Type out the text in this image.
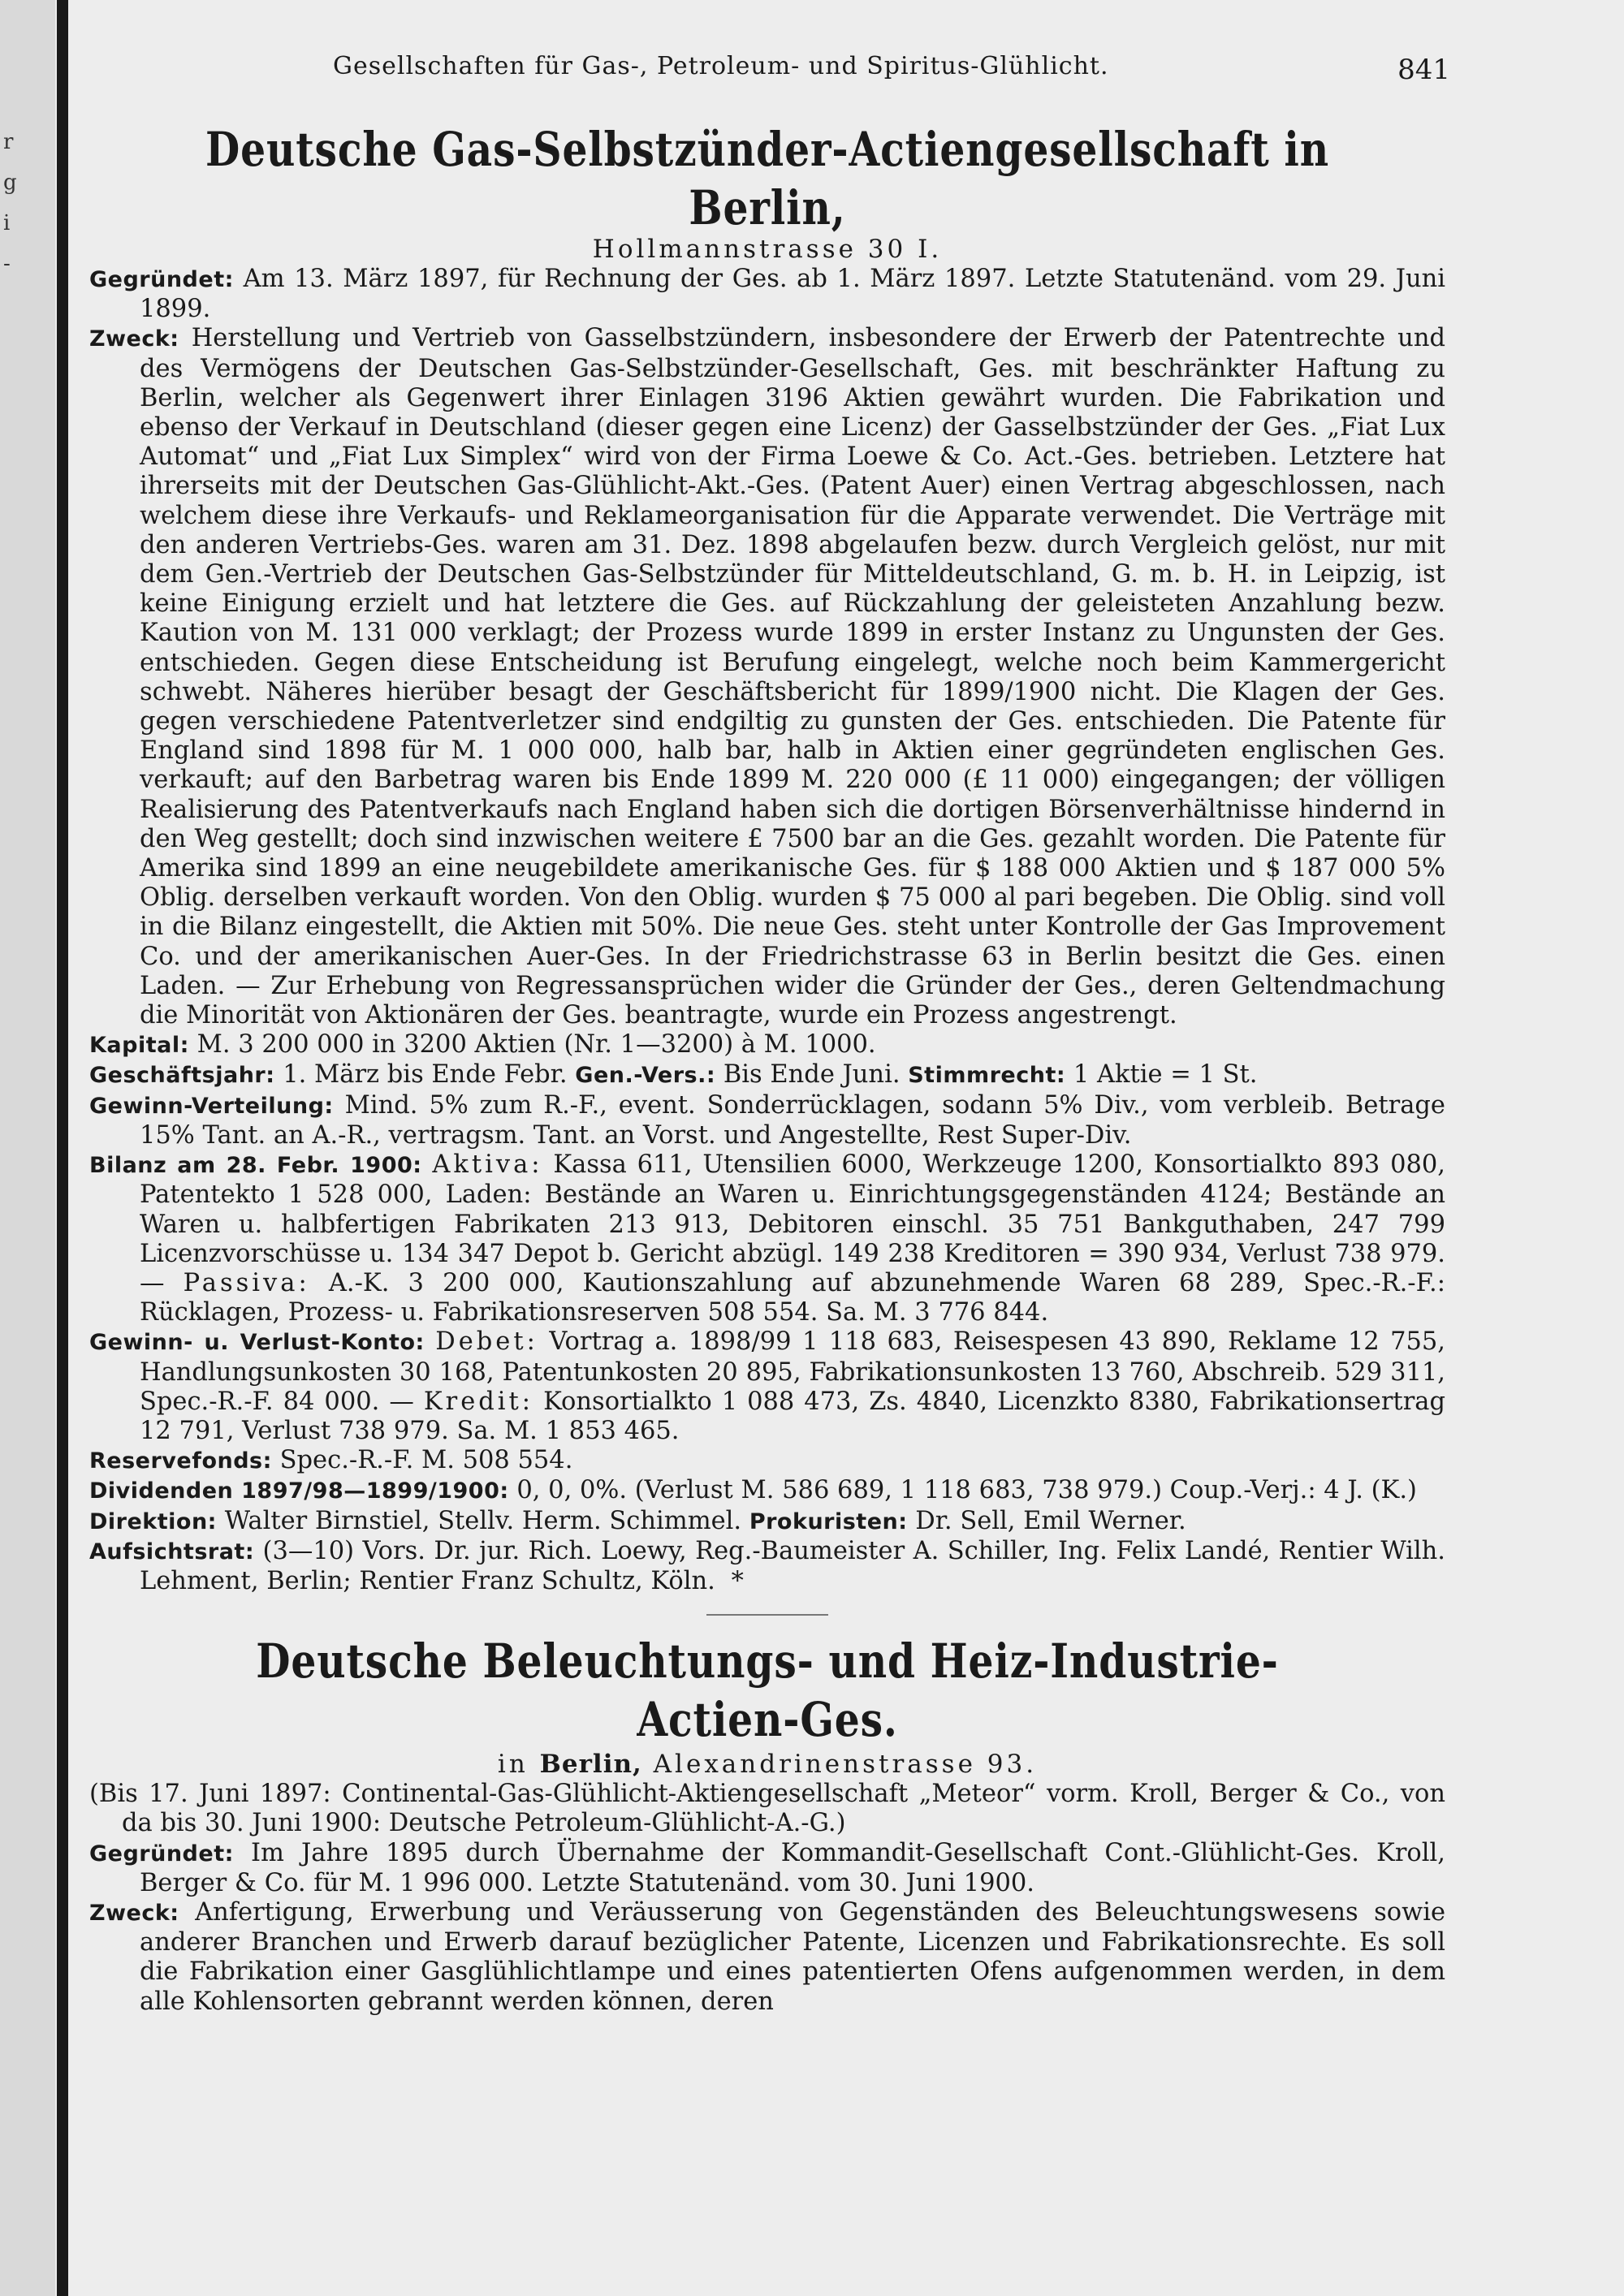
r
g
i
-
Gesellschaften für Gas-, Petroleum- und Spiritus-Glühlicht.	841
Deutsche Gas-Selbstzünder-Actiengesellschaft in Berlin,
Hollmannstrasse 30 I.

Gegründet: Am 13. März 1897, für Rechnung der Ges. ab 1. März 1897. Letzte Statutenänd. vom 29. Juni 1899.

Zweck: Herstellung und Vertrieb von Gasselbstzündern, insbesondere der Erwerb der Patentrechte und des Vermögens der Deutschen Gas-Selbstzünder-Gesellschaft, Ges. mit beschränkter Haftung zu Berlin, welcher als Gegenwert ihrer Einlagen 3196 Aktien gewährt wurden. Die Fabrikation und ebenso der Verkauf in Deutschland (dieser gegen eine Licenz) der Gasselbstzünder der Ges. „Fiat Lux Automat“ und „Fiat Lux Simplex“ wird von der Firma Loewe & Co. Act.-Ges. betrieben. Letztere hat ihrerseits mit der Deutschen Gas-Glühlicht-Akt.-Ges. (Patent Auer) einen Vertrag abgeschlossen, nach welchem diese ihre Verkaufs- und Reklameorganisation für die Apparate verwendet. Die Verträge mit den anderen Vertriebs-Ges. waren am 31. Dez. 1898 abgelaufen bezw. durch Vergleich gelöst, nur mit dem Gen.-Vertrieb der Deutschen Gas-Selbstzünder für Mitteldeutschland, G. m. b. H. in Leipzig, ist keine Einigung erzielt und hat letztere die Ges. auf Rückzahlung der geleisteten Anzahlung bezw. Kaution von M. 131 000 verklagt; der Prozess wurde 1899 in erster Instanz zu Ungunsten der Ges. entschieden. Gegen diese Entscheidung ist Berufung eingelegt, welche noch beim Kammergericht schwebt. Näheres hierüber besagt der Geschäftsbericht für 1899/1900 nicht. Die Klagen der Ges. gegen verschiedene Patentverletzer sind endgiltig zu gunsten der Ges. entschieden. Die Patente für England sind 1898 für M. 1 000 000, halb bar, halb in Aktien einer gegründeten englischen Ges. verkauft; auf den Barbetrag waren bis Ende 1899 M. 220 000 (£ 11 000) eingegangen; der völligen Realisierung des Patentverkaufs nach England haben sich die dortigen Börsenverhältnisse hindernd in den Weg gestellt; doch sind inzwischen weitere £ 7500 bar an die Ges. gezahlt worden. Die Patente für Amerika sind 1899 an eine neugebildete amerikanische Ges. für $ 188 000 Aktien und $ 187 000 5% Oblig. derselben verkauft worden. Von den Oblig. wurden $ 75 000 al pari begeben. Die Oblig. sind voll in die Bilanz eingestellt, die Aktien mit 50%. Die neue Ges. steht unter Kontrolle der Gas Improvement Co. und der amerikanischen Auer-Ges. In der Friedrichstrasse 63 in Berlin besitzt die Ges. einen Laden. — Zur Erhebung von Regressansprüchen wider die Gründer der Ges., deren Geltendmachung die Minorität von Aktionären der Ges. beantragte, wurde ein Prozess angestrengt.

Kapital: M. 3 200 000 in 3200 Aktien (Nr. 1—3200) à M. 1000.

Geschäftsjahr: 1. März bis Ende Febr. Gen.-Vers.: Bis Ende Juni. Stimmrecht: 1 Aktie = 1 St.

Gewinn-Verteilung: Mind. 5% zum R.-F., event. Sonderrücklagen, sodann 5% Div., vom verbleib. Betrage 15% Tant. an A.-R., vertragsm. Tant. an Vorst. und Angestellte, Rest Super-Div.

Bilanz am 28. Febr. 1900: Aktiva: Kassa 611, Utensilien 6000, Werkzeuge 1200, Konsortialkto 893 080, Patentekto 1 528 000, Laden: Bestände an Waren u. Einrichtungsgegenständen 4124; Bestände an Waren u. halbfertigen Fabrikaten 213 913, Debitoren einschl. 35 751 Bankguthaben, 247 799 Licenzvorschüsse u. 134 347 Depot b. Gericht abzügl. 149 238 Kreditoren = 390 934, Verlust 738 979. — Passiva: A.-K. 3 200 000, Kautionszahlung auf abzunehmende Waren 68 289, Spec.-R.-F.: Rücklagen, Prozess- u. Fabrikationsreserven 508 554. Sa. M. 3 776 844.

Gewinn- u. Verlust-Konto: Debet: Vortrag a. 1898/99 1 118 683, Reisespesen 43 890, Reklame 12 755, Handlungsunkosten 30 168, Patentunkosten 20 895, Fabrikationsunkosten 13 760, Abschreib. 529 311, Spec.-R.-F. 84 000. — Kredit: Konsortialkto 1 088 473, Zs. 4840, Licenzkto 8380, Fabrikationsertrag 12 791, Verlust 738 979. Sa. M. 1 853 465.

Reservefonds: Spec.-R.-F. M. 508 554.

Dividenden 1897/98—1899/1900: 0, 0, 0%. (Verlust M. 586 689, 1 118 683, 738 979.) Coup.-Verj.: 4 J. (K.)

Direktion: Walter Birnstiel, Stellv. Herm. Schimmel. Prokuristen: Dr. Sell, Emil Werner.

Aufsichtsrat: (3—10) Vors. Dr. jur. Rich. Loewy, Reg.-Baumeister A. Schiller, Ing. Felix Landé, Rentier Wilh. Lehment, Berlin; Rentier Franz Schultz, Köln. *

Deutsche Beleuchtungs- und Heiz-Industrie-Actien-Ges.
in Berlin, Alexandrinenstrasse 93.

(Bis 17. Juni 1897: Continental-Gas-Glühlicht-Aktiengesellschaft „Meteor“ vorm. Kroll, Berger & Co., von da bis 30. Juni 1900: Deutsche Petroleum-Glühlicht-A.-G.)

Gegründet: Im Jahre 1895 durch Übernahme der Kommandit-Gesellschaft Cont.-Glühlicht-Ges. Kroll, Berger & Co. für M. 1 996 000. Letzte Statutenänd. vom 30. Juni 1900.

Zweck: Anfertigung, Erwerbung und Veräusserung von Gegenständen des Beleuchtungswesens sowie anderer Branchen und Erwerb darauf bezüglicher Patente, Licenzen und Fabrikationsrechte. Es soll die Fabrikation einer Gasglühlichtlampe und eines patentierten Ofens aufgenommen werden, in dem alle Kohlensorten gebrannt werden können, deren
